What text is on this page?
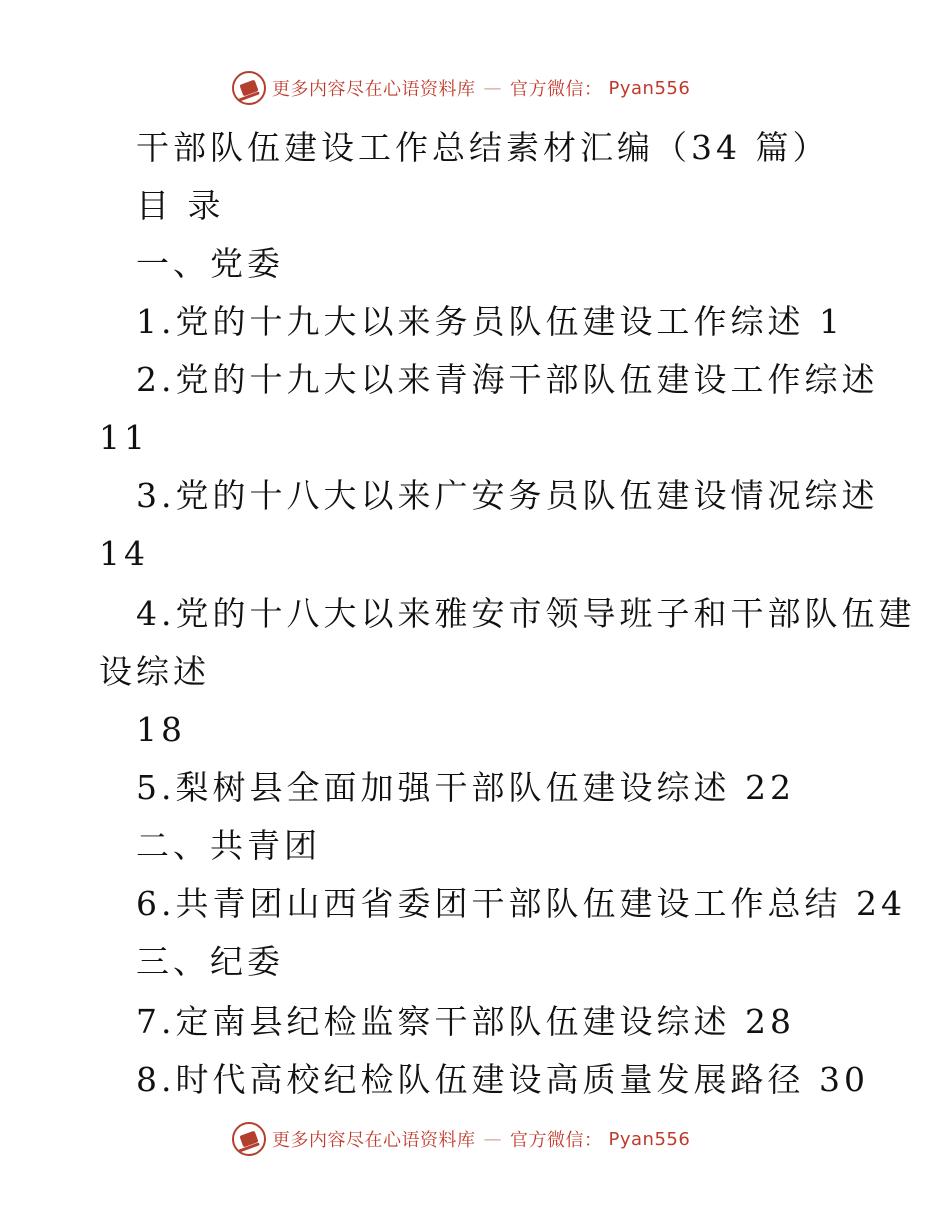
更多内容尽在心语资料库 — 官方微信： Pyan556

干部队伍建设工作总结素材汇编（34 篇）

目 录

一、党委

1.党的十九大以来务员队伍建设工作综述 1

2.党的十九大以来青海干部队伍建设工作综述

11

3.党的十八大以来广安务员队伍建设情况综述

14

4.党的十八大以来雅安市领导班子和干部队伍建

设综述

18

5.梨树县全面加强干部队伍建设综述 22

二、共青团

6.共青团山西省委团干部队伍建设工作总结 24

三、纪委

7.定南县纪检监察干部队伍建设综述 28

8.时代高校纪检队伍建设高质量发展路径 30

更多内容尽在心语资料库 — 官方微信： Pyan556
